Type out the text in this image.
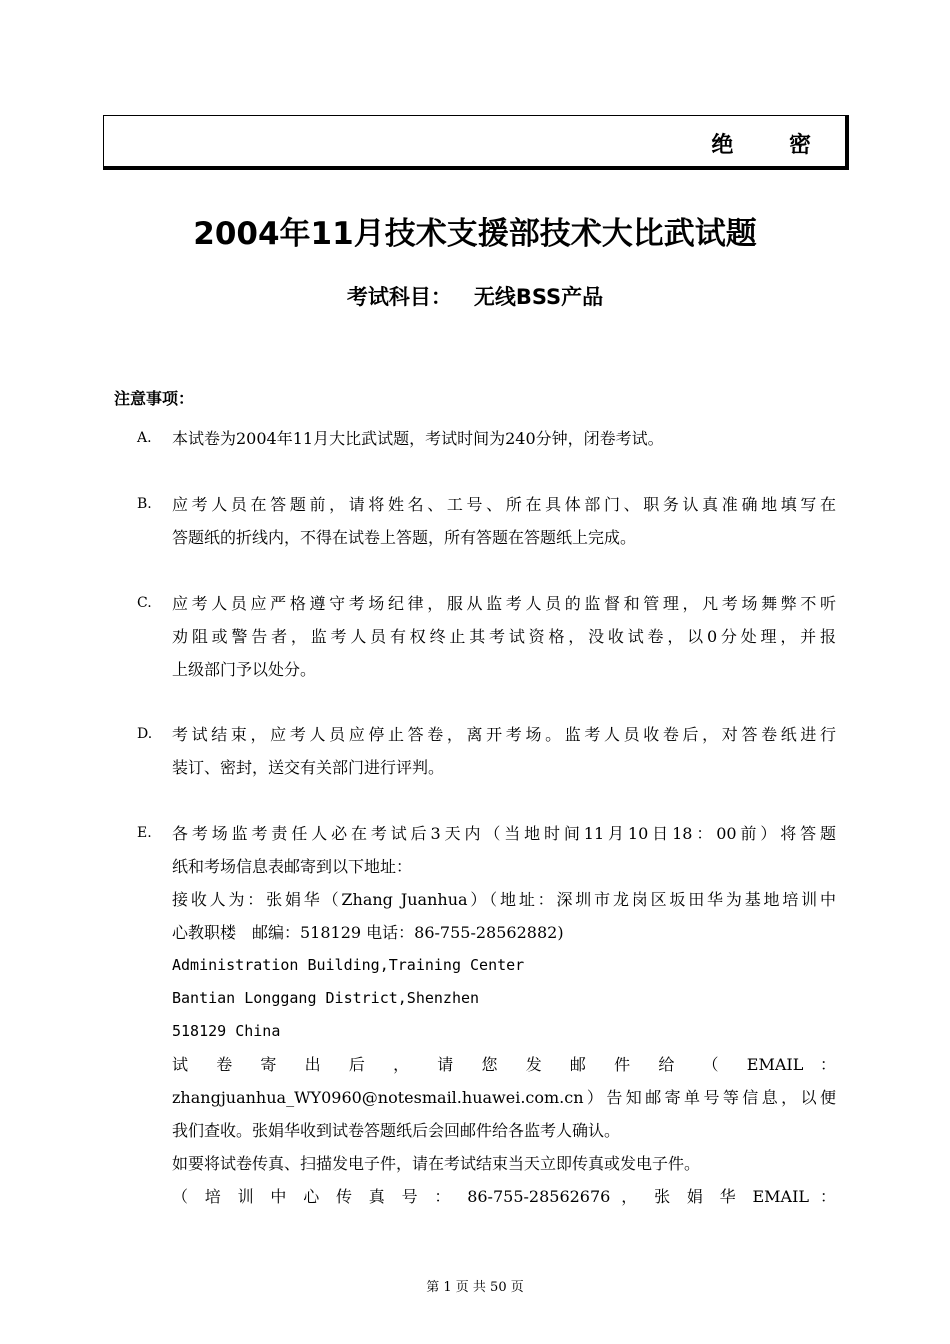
绝 密
2004年11月技术支援部技术大比武试题
考试科目： 无线BSS产品
注意事项：
A. 本试卷为2004年11月大比武试题，考试时间为240分钟，闭卷考试。
B. 应考人员在答题前，请将姓名、工号、所在具体部门、职务认真准确地填写在
答题纸的折线内，不得在试卷上答题，所有答题在答题纸上完成。
C. 应考人员应严格遵守考场纪律，服从监考人员的监督和管理，凡考场舞弊不听
劝阻或警告者，监考人员有权终止其考试资格，没收试卷，以0分处理，并报
上级部门予以处分。
D. 考试结束，应考人员应停止答卷，离开考场。监考人员收卷后，对答卷纸进行
装订、密封，送交有关部门进行评判。
E. 各考场监考责任人必在考试后3天内（当地时间11月10日18：00前）将答题
纸和考场信息表邮寄到以下地址：
接收人为：张娟华（Zhang Juanhua）（地址：深圳市龙岗区坂田华为基地培训中
心教职楼　邮编：518129 电话：86-755-28562882)
Administration Building,Training Center
Bantian Longgang District,Shenzhen
518129 China
试 卷 寄 出 后 ， 请 您 发 邮 件 给 （ EMAIL ：
zhangjuanhua_WY0960@notesmail.huawei.com.cn）告知邮寄单号等信息，以便
我们查收。张娟华收到试卷答题纸后会回邮件给各监考人确认。
如要将试卷传真、扫描发电子件，请在考试结束当天立即传真或发电子件。
（ 培 训 中 心 传 真 号 ： 86-755-28562676 ， 张 娟 华 EMAIL ：
第 1 页 共 50 页
